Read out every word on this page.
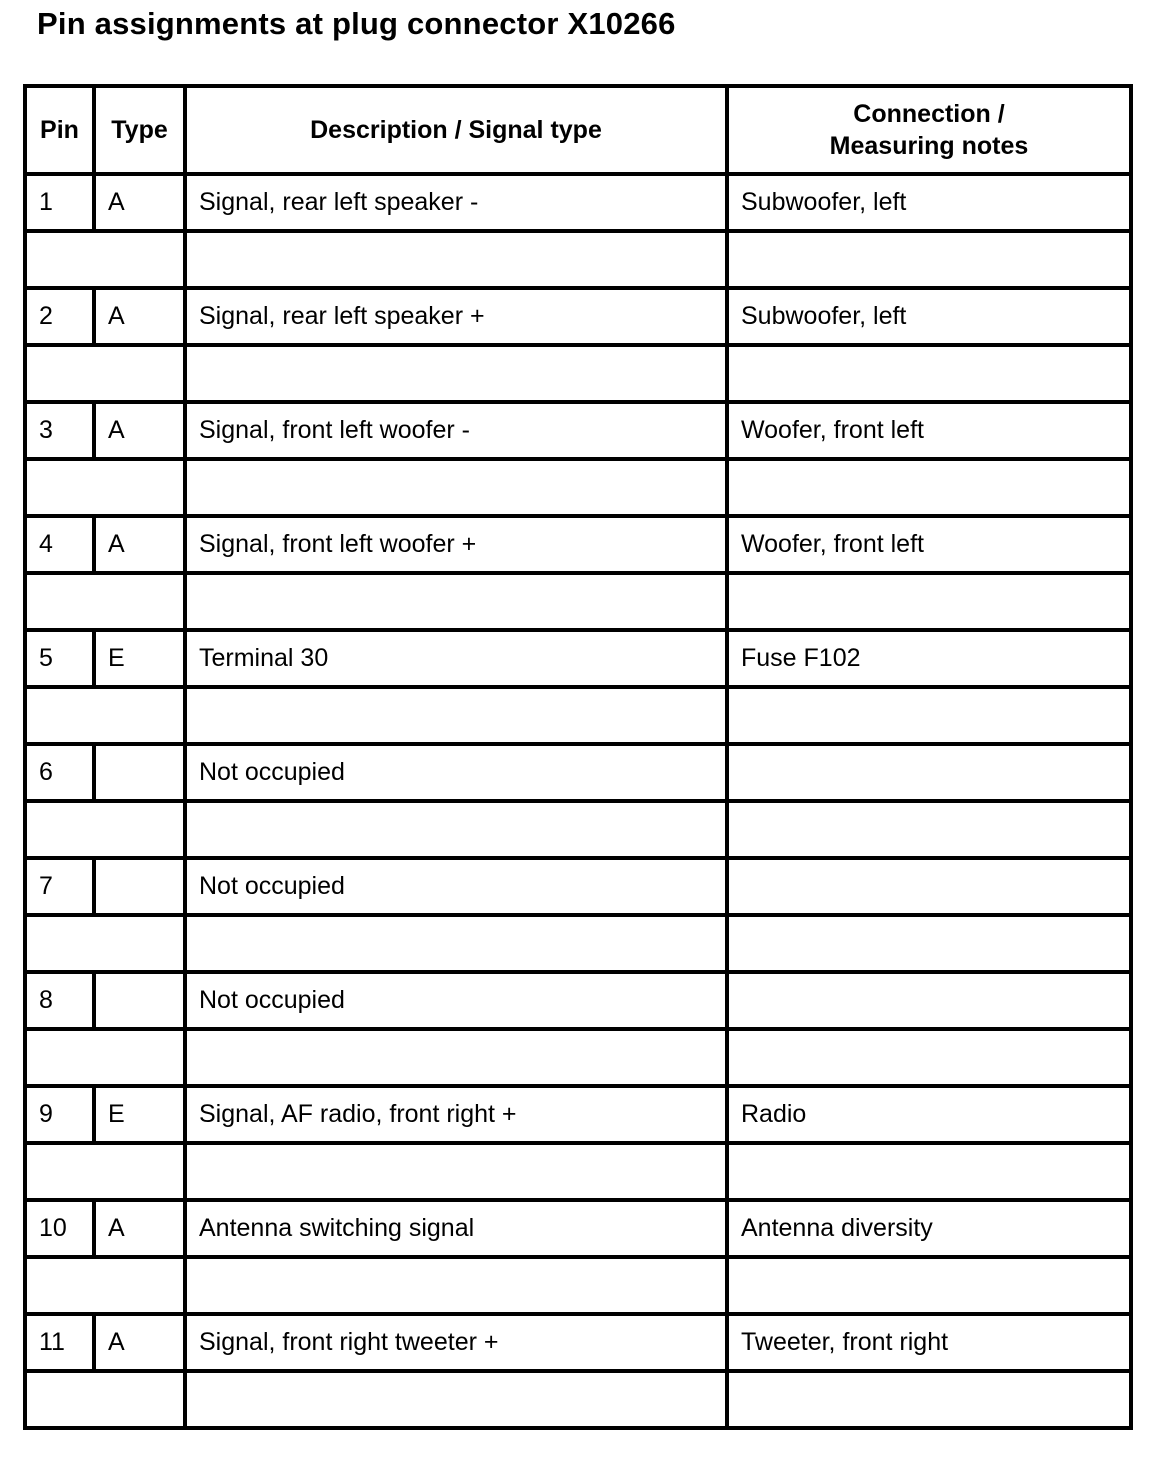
Pin assignments at plug connector X10266
Pin	Type	Description / Signal type	Connection /
Measuring notes
1	A	Signal, rear left speaker -	Subwoofer, left

2	A	Signal, rear left speaker +	Subwoofer, left

3	A	Signal, front left woofer -	Woofer, front left

4	A	Signal, front left woofer +	Woofer, front left

5	E	Terminal 30	Fuse F102

6		Not occupied	

7		Not occupied	

8		Not occupied	

9	E	Signal, AF radio, front right +	Radio

10	A	Antenna switching signal	Antenna diversity

11	A	Signal, front right tweeter +	Tweeter, front right
